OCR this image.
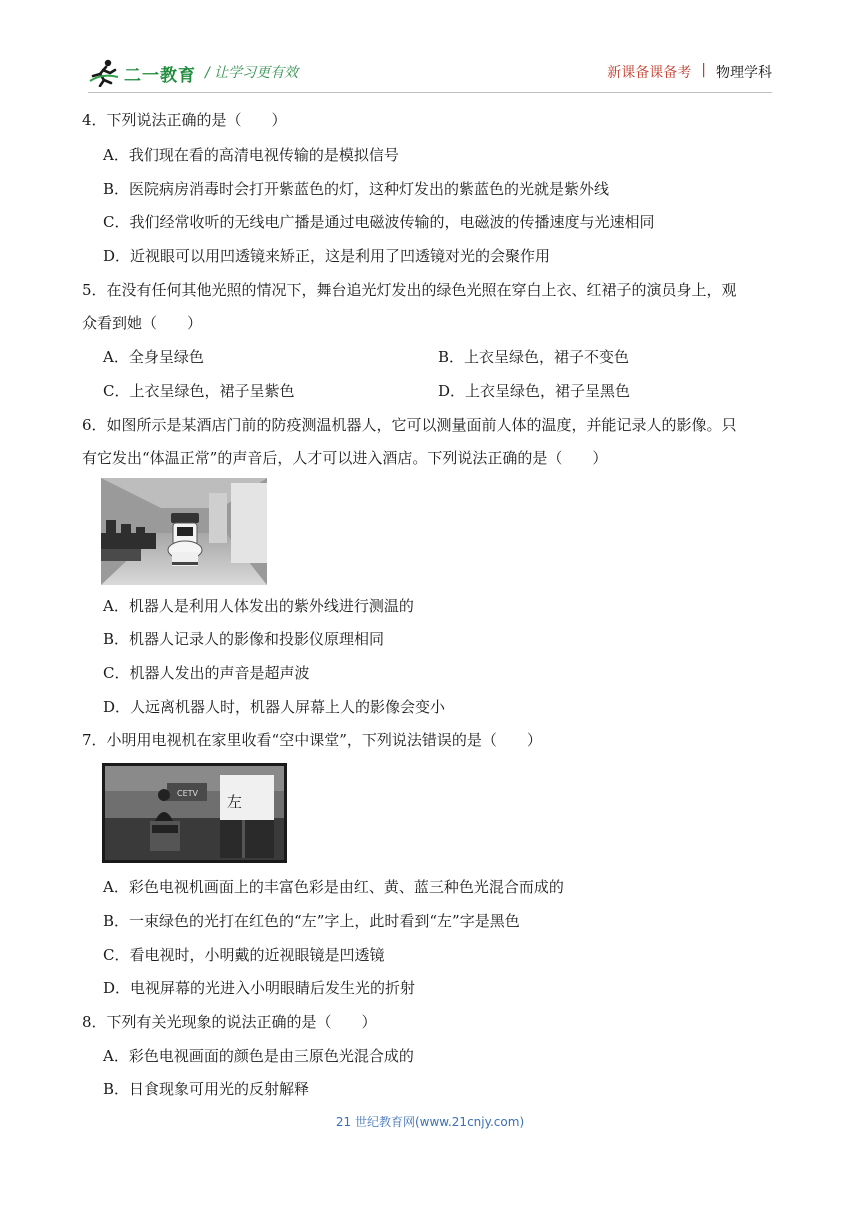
二一教育 / 让学习更有效	新课备课备考 | 物理学科
4．下列说法正确的是（　　）
A．我们现在看的高清电视传输的是模拟信号
B．医院病房消毒时会打开紫蓝色的灯，这种灯发出的紫蓝色的光就是紫外线
C．我们经常收听的无线电广播是通过电磁波传输的，电磁波的传播速度与光速相同
D．近视眼可以用凹透镜来矫正，这是利用了凹透镜对光的会聚作用
5．在没有任何其他光照的情况下，舞台追光灯发出的绿色光照在穿白上衣、红裙子的演员身上，观
众看到她（　　）
A．全身呈绿色	B．上衣呈绿色，裙子不变色
C．上衣呈绿色，裙子呈紫色	D．上衣呈绿色，裙子呈黑色
6．如图所示是某酒店门前的防疫测温机器人，它可以测量面前人体的温度，并能记录人的影像。只
有它发出“体温正常”的声音后，人才可以进入酒店。下列说法正确的是（　　）
A．机器人是利用人体发出的紫外线进行测温的
B．机器人记录人的影像和投影仪原理相同
C．机器人发出的声音是超声波
D．人远离机器人时，机器人屏幕上人的影像会变小
7．小明用电视机在家里收看“空中课堂”，下列说法错误的是（　　）
CETV 左
A．彩色电视机画面上的丰富色彩是由红、黄、蓝三种色光混合而成的
B．一束绿色的光打在红色的“左”字上，此时看到“左”字是黑色
C．看电视时，小明戴的近视眼镜是凹透镜
D．电视屏幕的光进入小明眼睛后发生光的折射
8．下列有关光现象的说法正确的是（　　）
A．彩色电视画面的颜色是由三原色光混合成的
B．日食现象可用光的反射解释
21 世纪教育网(www.21cnjy.com)
